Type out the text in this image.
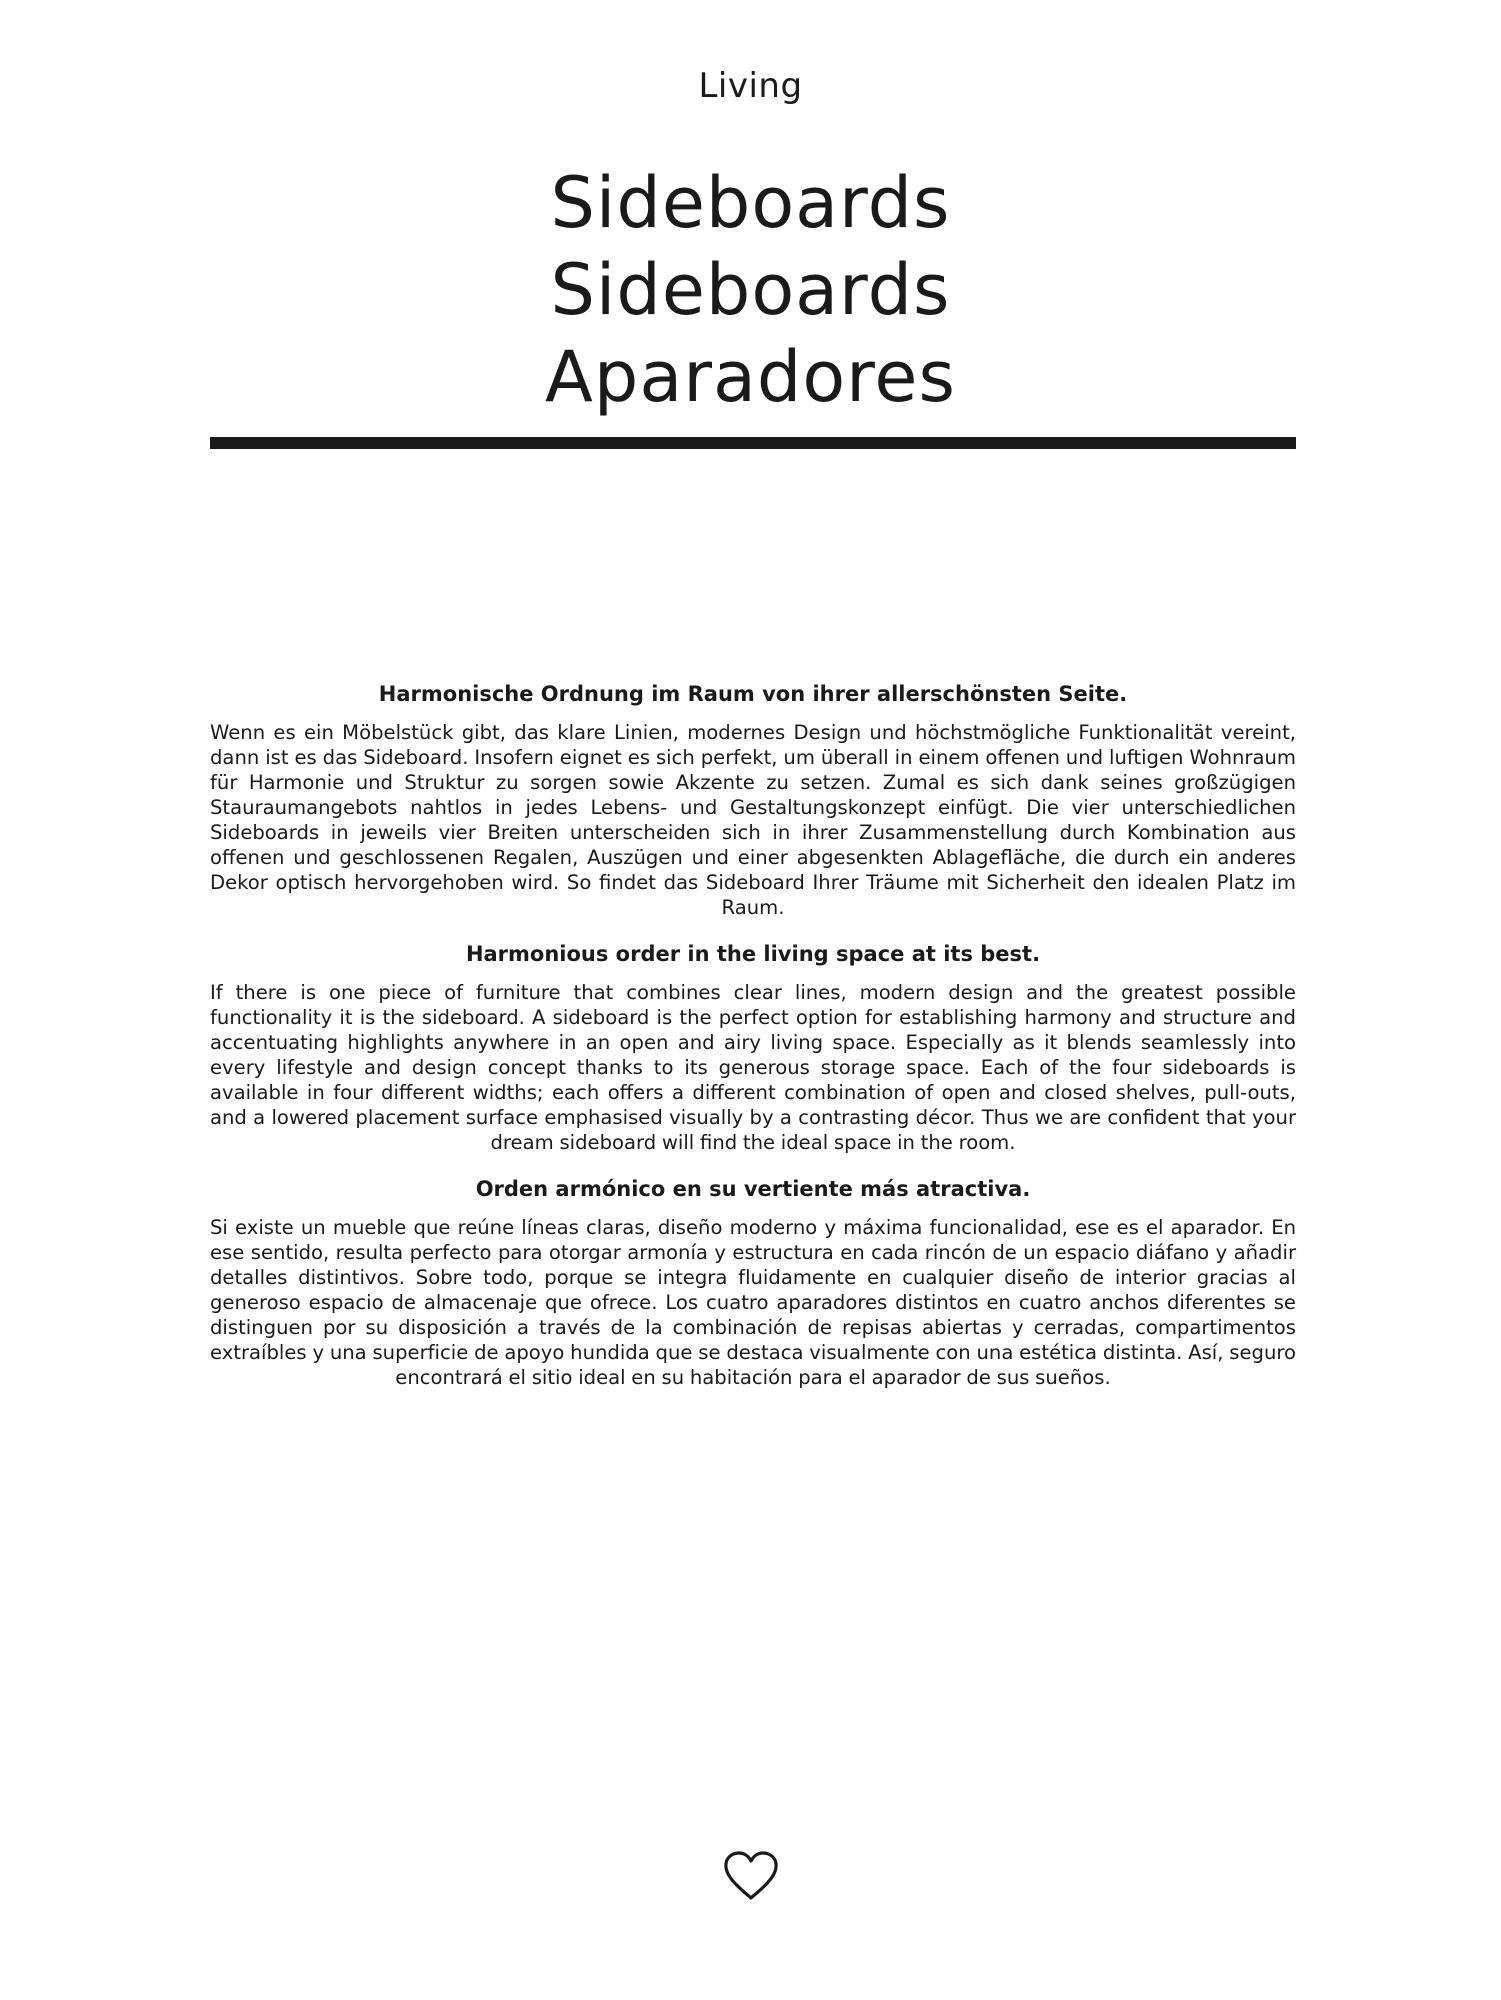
Living
Sideboards
Sideboards
Aparadores
Harmonische Ordnung im Raum von ihrer allerschönsten Seite.

Wenn es ein Möbelstück gibt, das klare Linien, modernes Design und höchstmögliche Funktionalität vereint, dann ist es das Sideboard. Insofern eignet es sich perfekt, um überall in einem offenen und luftigen Wohnraum für Harmonie und Struktur zu sorgen sowie Akzente zu setzen. Zumal es sich dank seines großzügigen Stauraumangebots nahtlos in jedes Lebens- und Gestaltungskonzept einfügt. Die vier unterschiedlichen Sideboards in jeweils vier Breiten unterscheiden sich in ihrer Zusammenstellung durch Kombination aus offenen und geschlossenen Regalen, Auszügen und einer abgesenkten Ablagefläche, die durch ein anderes Dekor optisch hervorgehoben wird. So findet das Sideboard Ihrer Träume mit Sicherheit den idealen Platz im Raum.

Harmonious order in the living space at its best.

If there is one piece of furniture that combines clear lines, modern design and the greatest possible functionality it is the sideboard. A sideboard is the perfect option for establishing harmony and structure and accentuating highlights anywhere in an open and airy living space. Especially as it blends seamlessly into every lifestyle and design concept thanks to its generous storage space. Each of the four sideboards is available in four different widths; each offers a different combination of open and closed shelves, pull-outs, and a lowered placement surface emphasised visually by a contrasting décor. Thus we are confident that your dream sideboard will find the ideal space in the room.

Orden armónico en su vertiente más atractiva.

Si existe un mueble que reúne líneas claras, diseño moderno y máxima funcionalidad, ese es el aparador. En ese sentido, resulta perfecto para otorgar armonía y estructura en cada rincón de un espacio diáfano y añadir detalles distintivos. Sobre todo, porque se integra fluidamente en cualquier diseño de interior gracias al generoso espacio de almacenaje que ofrece. Los cuatro aparadores distintos en cuatro anchos diferentes se distinguen por su disposición a través de la combinación de repisas abiertas y cerradas, compartimentos extraíbles y una superficie de apoyo hundida que se destaca visualmente con una estética distinta. Así, seguro encontrará el sitio ideal en su habitación para el aparador de sus sueños.
